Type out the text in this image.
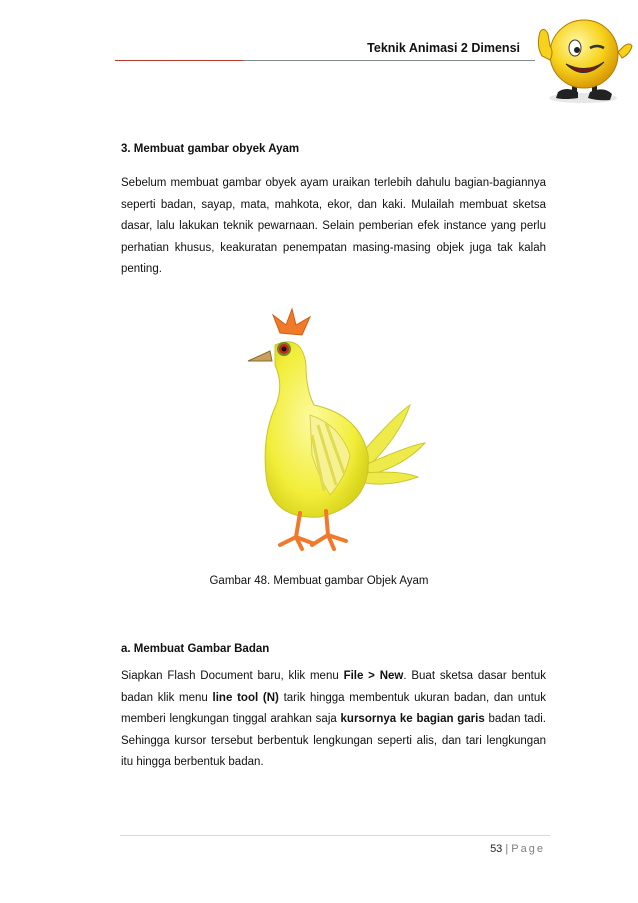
Teknik Animasi 2 Dimensi
3. Membuat gambar obyek Ayam

Sebelum membuat gambar obyek ayam uraikan terlebih dahulu bagian-bagiannya seperti badan, sayap, mata, mahkota, ekor, dan kaki. Mulailah membuat sketsa dasar, lalu lakukan teknik pewarnaan. Selain pemberian efek instance yang perlu perhatian khusus, keakuratan penempatan masing-masing objek juga tak kalah penting.

Gambar 48. Membuat gambar Objek Ayam
a. Membuat Gambar Badan

Siapkan Flash Document baru, klik menu File > New. Buat sketsa dasar bentuk badan klik menu line tool (N) tarik hingga membentuk ukuran badan, dan untuk memberi lengkungan tinggal arahkan saja kursornya ke bagian garis badan tadi. Sehingga kursor tersebut berbentuk lengkungan seperti alis, dan tari lengkungan itu hingga berbentuk badan.

53 | Page
